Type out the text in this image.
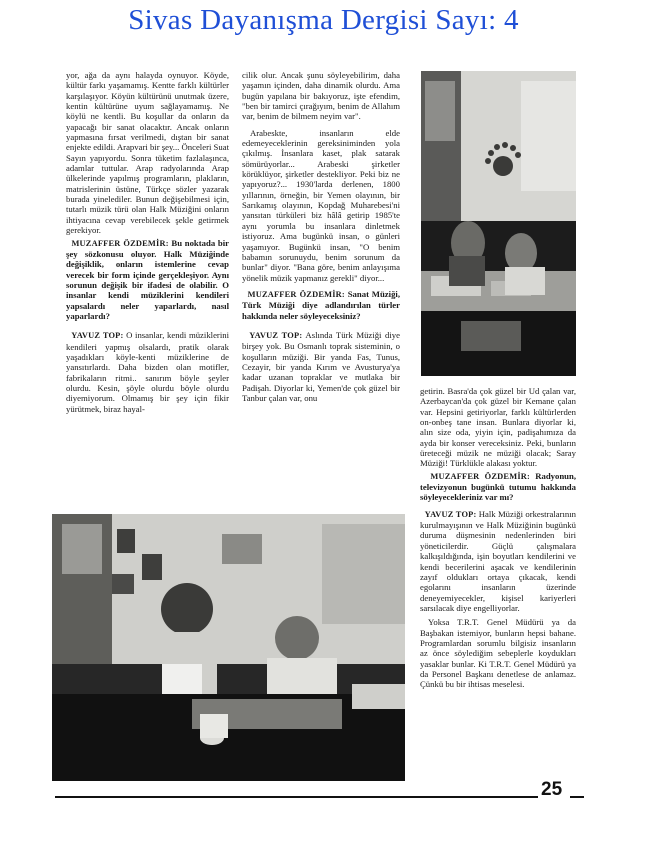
Sivas Dayanışma Dergisi Sayı: 4

yor, ağa da aynı halayda oynuyor. Köyde, kültür farkı yaşamamış. Kentte farklı kültürler karşılaşıyor. Köyün kültürünü unutmak üzere, kentin kültürüne uyum sağlayamamış. Ne köylü ne kentli. Bu koşullar da onların da yapacağı bir sanat olacaktır. Ancak onların yapmasına fırsat verilmedi, dıştan bir sanat enjekte edildi. Arapvari bir şey... Önceleri Suat Sayın yapıyordu. Sonra tüketim fazlalaşınca, adamlar tuttular. Arap radyolarında Arap ülkelerinde yapılmış programların, plakların, matrislerinin üstüne, Türkçe sözler yazarak burada yinelediler. Bunun değişebilmesi için, tutarlı müzik türü olan Halk Müziğini onların ihtiyacına cevap verebilecek şekle getirmek gerekiyor.

MUZAFFER ÖZDEMİR: Bu noktada bir şey sözkonusu oluyor. Halk Müziğinde değişiklik, onların istemlerine cevap verecek bir form içinde gerçekleşiyor. Aynı sorunun değişik bir ifadesi de olabilir. O insanlar kendi müziklerini kendileri yapsalardı neler yaparlardı, nasıl yaparlardı?

YAVUZ TOP: O insanlar, kendi müziklerini kendileri yapmış olsalardı, pratik olarak yaşadıkları köyle-kenti müziklerine de yansıtırlardı. Daha bizden olan motifler, fabrikaların ritmi.. sanırım böyle şeyler olurdu. Kesin, şöyle olurdu böyle olurdu diyemiyorum. Olmamış bir şey için fikir yürütmek, biraz hayal-

cilik olur. Ancak şunu söyleyebilirim, daha yaşamın içinden, daha dinamik olurdu. Ama bugün yapılana bir bakıyoruz, işte efendim, "ben bir tamirci çırağıyım, benim de Allahım var, benim de bilmem neyim var".

Arabeskte, insanların elde edemeyeceklerinin gereksiniminden yola çıkılmış. İnsanlara kaset, plak satarak sömürüyorlar... Arabeski şirketler körüklüyor, şirketler destekliyor. Peki biz ne yapıyoruz?... 1930'larda derlenen, 1800 yıllarının, örneğin, bir Yemen olayının, bir Sarıkamış olayının, Kopdağ Muharebesi'ni yansıtan türküleri biz hâlâ getirip 1985'te aynı yorumla bu insanlara dinletmek istiyoruz. Ama bugünkü insan, o günleri yaşamıyor. Bugünkü insan, "O benim babamın sorunuydu, benim sorunum da bunlar" diyor. "Bana göre, benim anlayışıma yönelik müzik yapmanız gerekli" diyor...

MUZAFFER ÖZDEMİR: Sanat Müziği, Türk Müziği diye adlandırılan türler hakkında neler söyleyeceksiniz?

YAVUZ TOP: Aslında Türk Müziği diye birşey yok. Bu Osmanlı toprak sisteminin, o koşulların müziği. Bir yanda Fas, Tunus, Cezayir, bir yanda Kırım ve Avusturya'ya kadar uzanan topraklar ve mutlaka bir Padişah. Diyorlar ki, Yemen'de çok güzel bir Tanbur çalan var, onu

getirin. Basra'da çok güzel bir Ud çalan var, Azerbaycan'da çok güzel bir Kemane çalan var. Hepsini getiriyorlar, farklı kültürlerden on-onbeş tane insan. Bunlara diyorlar ki, alın size oda, yiyin için, padişahımıza da ayda bir konser vereceksiniz. Peki, bunların üreteceği müzik ne müziği olacak; Saray Müziği! Türklükle alakası yoktur.

MUZAFFER ÖZDEMİR: Radyonun, televizyonun bugünkü tutumu hakkında söyleyecekleriniz var mı?

YAVUZ TOP: Halk Müziği orkestralarının kurulmayışının ve Halk Müziğinin bugünkü duruma düşmesinin nedenlerinden biri yöneticilerdir. Güçlü çalışmalara kalkışıldığında, işin boyutları kendilerini ve kendi becerilerini aşacak ve kendilerinin zayıf oldukları ortaya çıkacak, kendi egolarını insanların üzerinde deneyemiyecekler, kişisel kariyerleri sarsılacak diye engelliyorlar.

Yoksa T.R.T. Genel Müdürü ya da Başbakan istemiyor, bunların hepsi bahane. Programlardan sorumlu bilgisiz insanların az önce söylediğim sebeplerle koydukları yasaklar bunlar. Ki T.R.T. Genel Müdürü ya da Personel Başkanı denetlese de anlamaz. Çünkü bu bir ihtisas meselesi.

25
